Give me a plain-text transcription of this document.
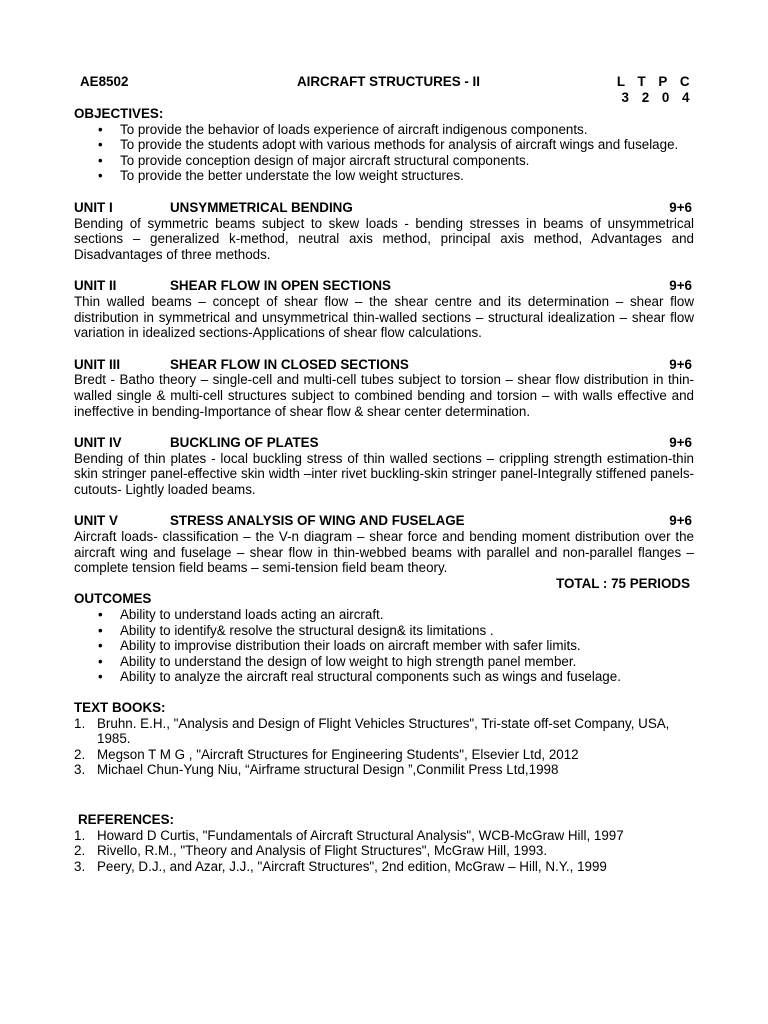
AE8502	AIRCRAFT STRUCTURES - II	L T P C
3 2 0 4
OBJECTIVES:
• To provide the behavior of loads experience of aircraft indigenous components.
• To provide the students adopt with various methods for analysis of aircraft wings and fuselage.
• To provide conception design of major aircraft structural components.
• To provide the better understate the low weight structures.
UNIT I	UNSYMMETRICAL BENDING	9+6
Bending of symmetric beams subject to skew loads - bending stresses in beams of unsymmetrical sections – generalized k-method, neutral axis method, principal axis method, Advantages and Disadvantages of three methods.
UNIT II	SHEAR FLOW IN OPEN SECTIONS	9+6
Thin walled beams – concept of shear flow – the shear centre and its determination – shear flow distribution in symmetrical and unsymmetrical thin-walled sections – structural idealization – shear flow variation in idealized sections-Applications of shear flow calculations.
UNIT III	SHEAR FLOW IN CLOSED SECTIONS	9+6
Bredt - Batho theory – single-cell and multi-cell tubes subject to torsion – shear flow distribution in thin-walled single & multi-cell structures subject to combined bending and torsion – with walls effective and ineffective in bending-Importance of shear flow & shear center determination.
UNIT IV	BUCKLING OF PLATES	9+6
Bending of thin plates - local buckling stress of thin walled sections – crippling strength estimation-thin skin stringer panel-effective skin width –inter rivet buckling-skin stringer panel-Integrally stiffened panels-cutouts- Lightly loaded beams.
UNIT V	STRESS ANALYSIS OF WING AND FUSELAGE	9+6
Aircraft loads- classification – the V-n diagram – shear force and bending moment distribution over the aircraft wing and fuselage – shear flow in thin-webbed beams with parallel and non-parallel flanges – complete tension field beams – semi-tension field beam theory.
TOTAL : 75 PERIODS
OUTCOMES
• Ability to understand loads acting an aircraft.
• Ability to identify& resolve the structural design& its limitations .
• Ability to improvise distribution their loads on aircraft member with safer limits.
• Ability to understand the design of low weight to high strength panel member.
• Ability to analyze the aircraft real structural components such as wings and fuselage.
TEXT BOOKS:
1. Bruhn. E.H., "Analysis and Design of Flight Vehicles Structures", Tri-state off-set Company, USA, 1985.
2. Megson T M G , "Aircraft Structures for Engineering Students", Elsevier Ltd, 2012
3. Michael Chun-Yung Niu, “Airframe structural Design ”,Conmilit Press Ltd,1998
REFERENCES:
1. Howard D Curtis, "Fundamentals of Aircraft Structural Analysis", WCB-McGraw Hill, 1997
2. Rivello, R.M., "Theory and Analysis of Flight Structures", McGraw Hill, 1993.
3. Peery, D.J., and Azar, J.J., "Aircraft Structures", 2nd edition, McGraw – Hill, N.Y., 1999
